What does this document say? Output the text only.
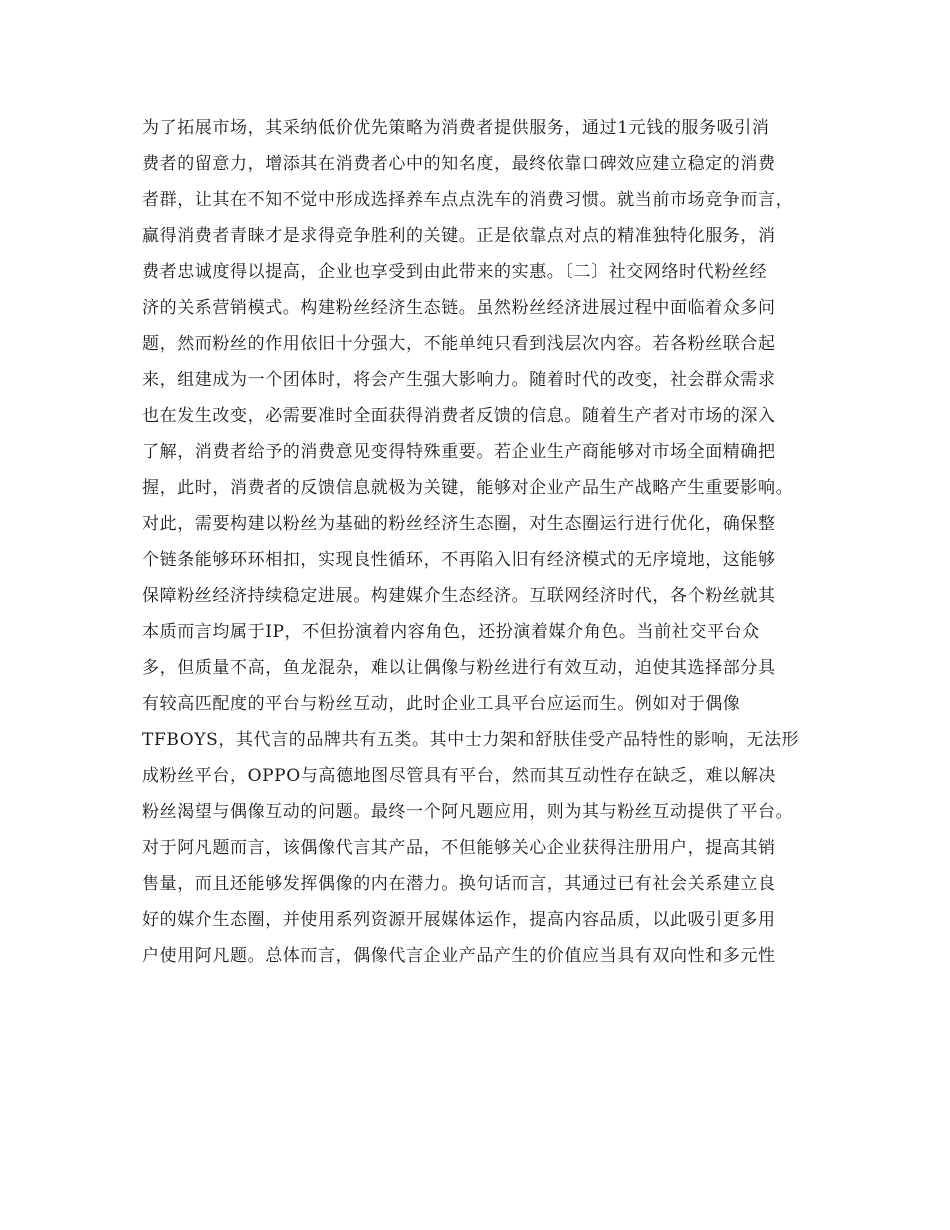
为了拓展市场，其采纳低价优先策略为消费者提供服务，通过1元钱的服务吸引消
费者的留意力，增添其在消费者心中的知名度，最终依靠口碑效应建立稳定的消费
者群，让其在不知不觉中形成选择养车点点洗车的消费习惯。就当前市场竞争而言，
赢得消费者青睐才是求得竞争胜利的关键。正是依靠点对点的精准独特化服务，消
费者忠诚度得以提高，企业也享受到由此带来的实惠。〔二〕社交网络时代粉丝经
济的关系营销模式。构建粉丝经济生态链。虽然粉丝经济进展过程中面临着众多问
题，然而粉丝的作用依旧十分强大，不能单纯只看到浅层次内容。若各粉丝联合起
来，组建成为一个团体时，将会产生强大影响力。随着时代的改变，社会群众需求
也在发生改变，必需要准时全面获得消费者反馈的信息。随着生产者对市场的深入
了解，消费者给予的消费意见变得特殊重要。若企业生产商能够对市场全面精确把
握，此时，消费者的反馈信息就极为关键，能够对企业产品生产战略产生重要影响。
对此，需要构建以粉丝为基础的粉丝经济生态圈，对生态圈运行进行优化，确保整
个链条能够环环相扣，实现良性循环，不再陷入旧有经济模式的无序境地，这能够
保障粉丝经济持续稳定进展。构建媒介生态经济。互联网经济时代，各个粉丝就其
本质而言均属于IP，不但扮演着内容角色，还扮演着媒介角色。当前社交平台众
多，但质量不高，鱼龙混杂，难以让偶像与粉丝进行有效互动，迫使其选择部分具
有较高匹配度的平台与粉丝互动，此时企业工具平台应运而生。例如对于偶像
TFBOYS，其代言的品牌共有五类。其中士力架和舒肤佳受产品特性的影响，无法形
成粉丝平台，OPPO与高德地图尽管具有平台，然而其互动性存在缺乏，难以解决
粉丝渴望与偶像互动的问题。最终一个阿凡题应用，则为其与粉丝互动提供了平台。
对于阿凡题而言，该偶像代言其产品，不但能够关心企业获得注册用户，提高其销
售量，而且还能够发挥偶像的内在潜力。换句话而言，其通过已有社会关系建立良
好的媒介生态圈，并使用系列资源开展媒体运作，提高内容品质，以此吸引更多用
户使用阿凡题。总体而言，偶像代言企业产品产生的价值应当具有双向性和多元性
